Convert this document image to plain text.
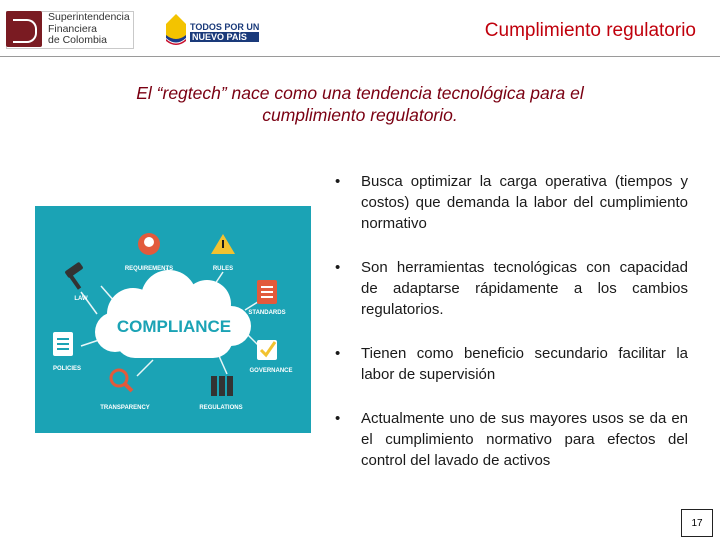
Superintendencia
Financiera
de Colombia
TODOS POR UN
NUEVO PAÍS	Cumplimiento regulatorio
El “regtech” nace como una tendencia tecnológica para el
cumplimiento regulatorio.
COMPLIANCE
REQUIREMENTS	RULES
LAW
STANDARDS
POLICIES	GOVERNANCE
TRANSPARENCY	REGULATIONS
• Busca optimizar la carga operativa (tiempos y costos) que demanda la labor del cumplimiento normativo
• Son herramientas tecnológicas con capacidad de adaptarse rápidamente a los cambios regulatorios.
• Tienen como beneficio secundario facilitar la labor de supervisión
• Actualmente uno de sus mayores usos se da en el cumplimiento normativo para efectos del control del lavado de activos
17
